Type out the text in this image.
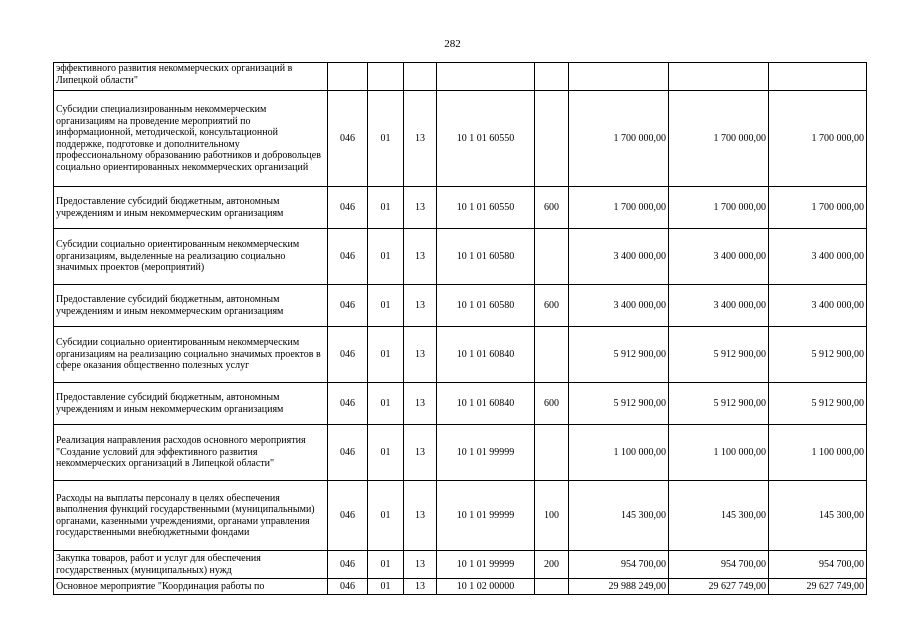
282
эффективного развития некоммерческих организаций в Липецкой области"								
Субсидии специализированным некоммерческим организациям на проведение мероприятий по информационной, методической, консультационной поддержке, подготовке и дополнительному профессиональному образованию работников и добровольцев социально ориентированных некоммерческих организаций	046	01	13	10 1 01 60550		1 700 000,00	1 700 000,00	1 700 000,00
Предоставление субсидий бюджетным, автономным учреждениям и иным некоммерческим организациям	046	01	13	10 1 01 60550	600	1 700 000,00	1 700 000,00	1 700 000,00
Субсидии социально ориентированным некоммерческим организациям, выделенные на реализацию социально значимых проектов (мероприятий)	046	01	13	10 1 01 60580		3 400 000,00	3 400 000,00	3 400 000,00
Предоставление субсидий бюджетным, автономным учреждениям и иным некоммерческим организациям	046	01	13	10 1 01 60580	600	3 400 000,00	3 400 000,00	3 400 000,00
Субсидии социально ориентированным некоммерческим организациям на реализацию социально значимых проектов в сфере оказания общественно полезных услуг	046	01	13	10 1 01 60840		5 912 900,00	5 912 900,00	5 912 900,00
Предоставление субсидий бюджетным, автономным учреждениям и иным некоммерческим организациям	046	01	13	10 1 01 60840	600	5 912 900,00	5 912 900,00	5 912 900,00
Реализация направления расходов основного мероприятия "Создание условий для эффективного развития некоммерческих организаций в Липецкой области"	046	01	13	10 1 01 99999		1 100 000,00	1 100 000,00	1 100 000,00
Расходы на выплаты персоналу в целях обеспечения выполнения функций государственными (муниципальными) органами, казенными учреждениями, органами управления государственными внебюджетными фондами	046	01	13	10 1 01 99999	100	145 300,00	145 300,00	145 300,00
Закупка товаров, работ и услуг для обеспечения государственных (муниципальных) нужд	046	01	13	10 1 01 99999	200	954 700,00	954 700,00	954 700,00
Основное мероприятие "Координация работы по	046	01	13	10 1 02 00000		29 988 249,00	29 627 749,00	29 627 749,00
